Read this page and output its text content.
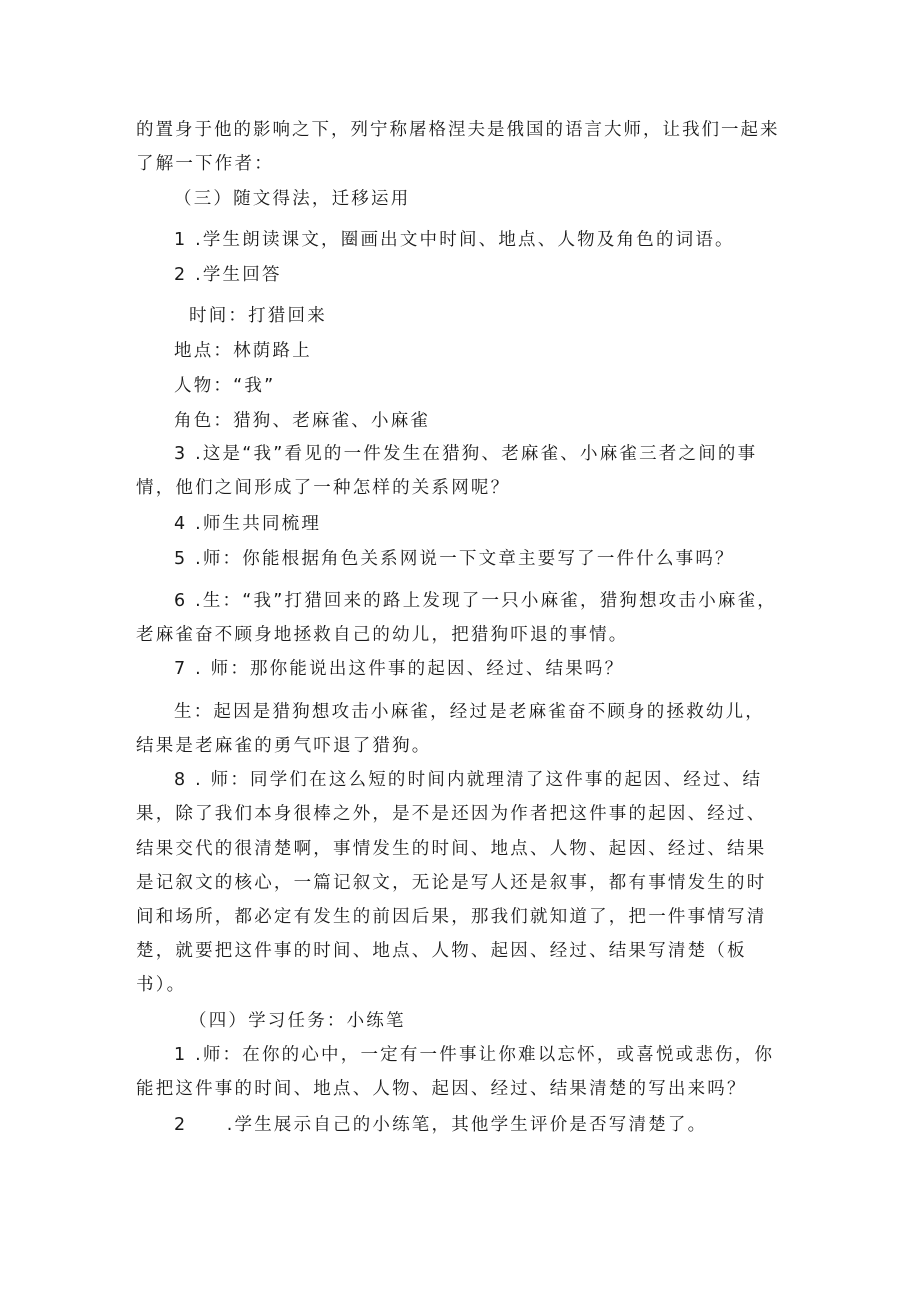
的置身于他的影响之下，列宁称屠格涅夫是俄国的语言大师，让我们一起来
了解一下作者：
（三）随文得法，迁移运用
1 .学生朗读课文，圈画出文中时间、地点、人物及角色的词语。
2 .学生回答
时间：打猎回来
地点：林荫路上
人物：“我”
角色：猎狗、老麻雀、小麻雀
3 .这是“我”看见的一件发生在猎狗、老麻雀、小麻雀三者之间的事
情，他们之间形成了一种怎样的关系网呢？
4 .师生共同梳理
5 .师：你能根据角色关系网说一下文章主要写了一件什么事吗？
6 .生：“我”打猎回来的路上发现了一只小麻雀，猎狗想攻击小麻雀，
老麻雀奋不顾身地拯救自己的幼儿，把猎狗吓退的事情。
7 . 师：那你能说出这件事的起因、经过、结果吗？
生：起因是猎狗想攻击小麻雀，经过是老麻雀奋不顾身的拯救幼儿，
结果是老麻雀的勇气吓退了猎狗。
8 . 师：同学们在这么短的时间内就理清了这件事的起因、经过、结
果，除了我们本身很棒之外，是不是还因为作者把这件事的起因、经过、
结果交代的很清楚啊，事情发生的时间、地点、人物、起因、经过、结果
是记叙文的核心，一篇记叙文，无论是写人还是叙事，都有事情发生的时
间和场所，都必定有发生的前因后果，那我们就知道了，把一件事情写清
楚，就要把这件事的时间、地点、人物、起因、经过、结果写清楚（板
书）。
（四）学习任务：小练笔
1 .师：在你的心中，一定有一件事让你难以忘怀，或喜悦或悲伤，你
能把这件事的时间、地点、人物、起因、经过、结果清楚的写出来吗？
2　　.学生展示自己的小练笔，其他学生评价是否写清楚了。
